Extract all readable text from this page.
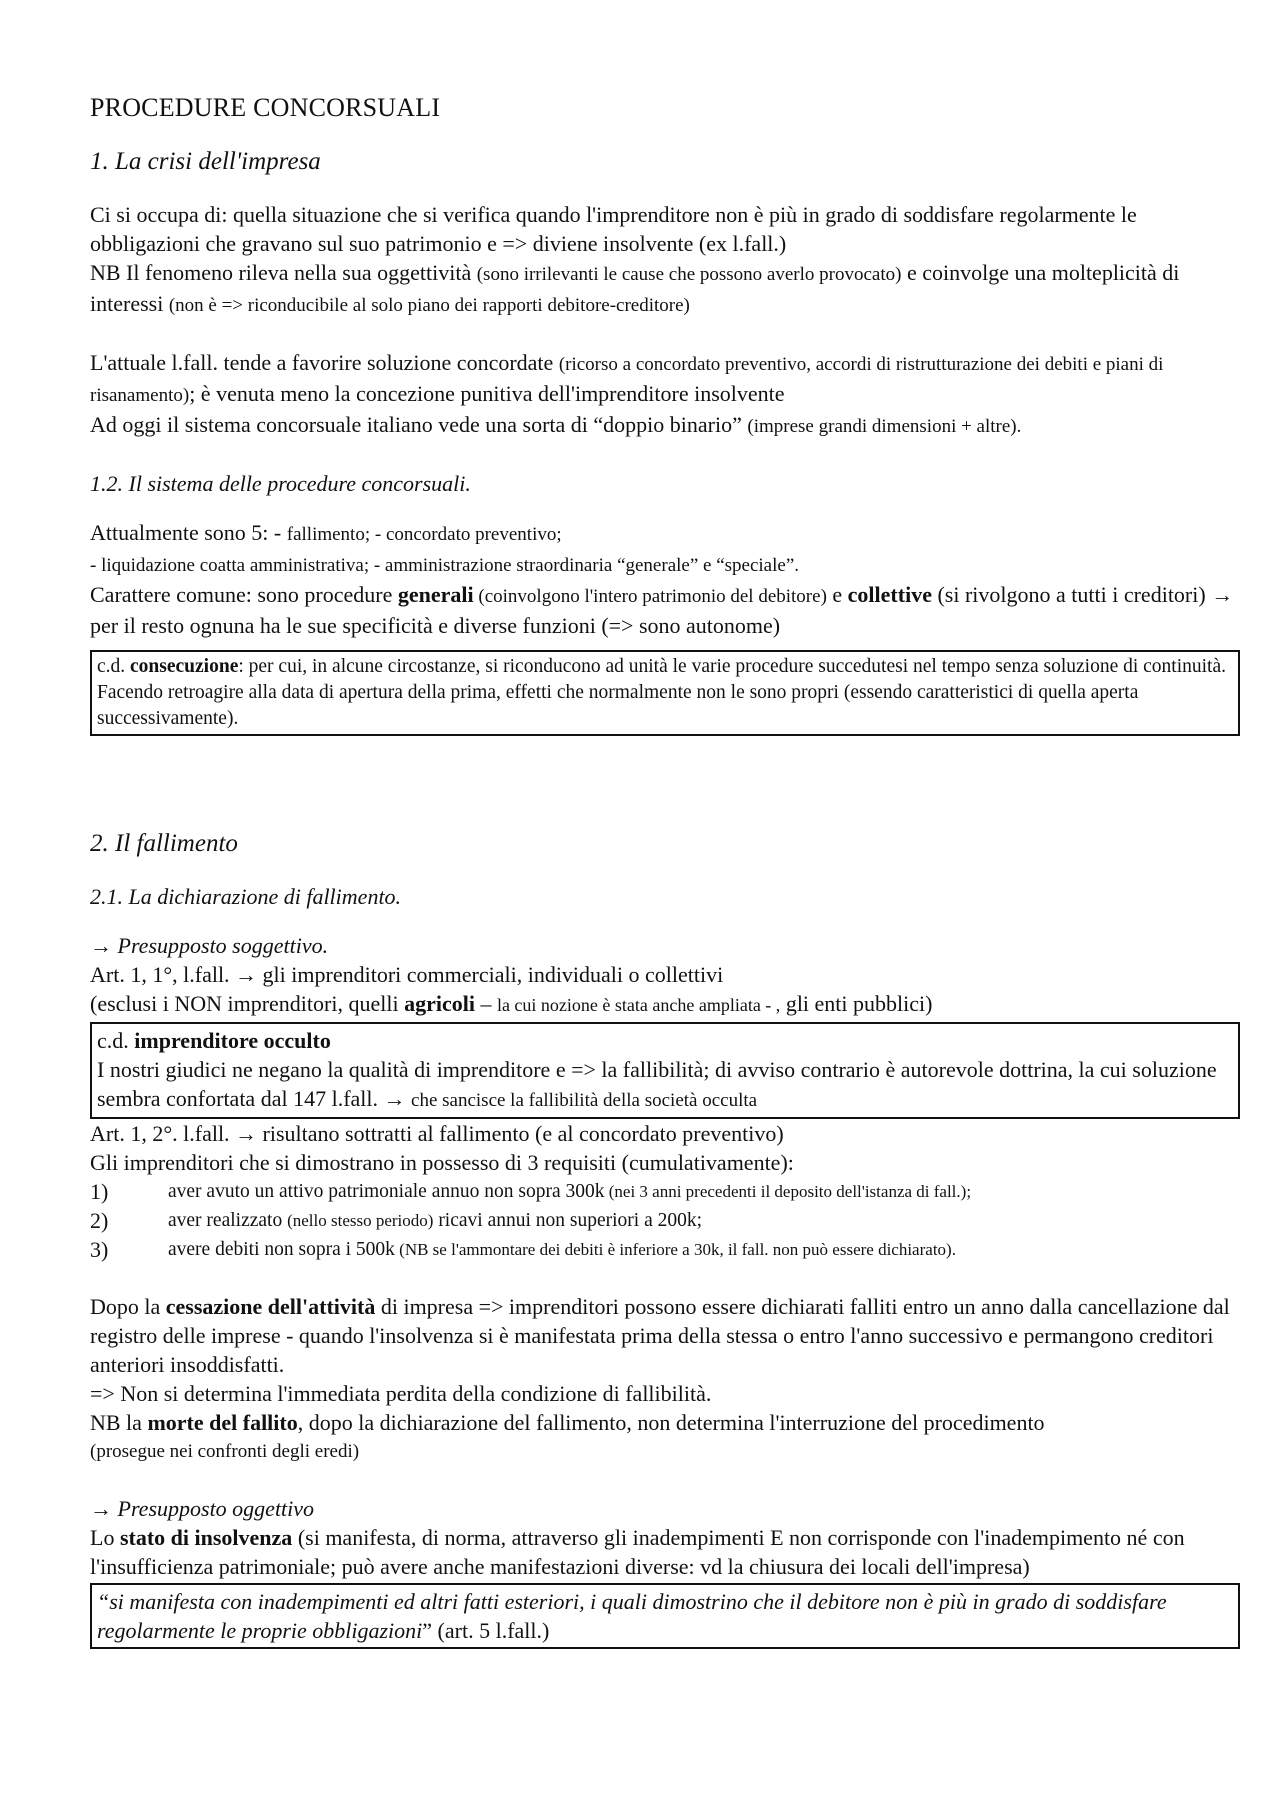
PROCEDURE CONCORSUALI
1. La crisi dell'impresa

Ci si occupa di: quella situazione che si verifica quando l'imprenditore non è più in grado di soddisfare regolarmente le obbligazioni che gravano sul suo patrimonio e => diviene insolvente (ex l.fall.)

NB Il fenomeno rileva nella sua oggettività (sono irrilevanti le cause che possono averlo provocato) e coinvolge una molteplicità di interessi (non è => riconducibile al solo piano dei rapporti debitore-creditore)

L'attuale l.fall. tende a favorire soluzione concordate (ricorso a concordato preventivo, accordi di ristrutturazione dei debiti e piani di risanamento); è venuta meno la concezione punitiva dell'imprenditore insolvente

Ad oggi il sistema concorsuale italiano vede una sorta di “doppio binario” (imprese grandi dimensioni + altre).

1.2. Il sistema delle procedure concorsuali.

Attualmente sono 5: - fallimento; - concordato preventivo;

- liquidazione coatta amministrativa; - amministrazione straordinaria “generale” e “speciale”.

Carattere comune: sono procedure generali (coinvolgono l'intero patrimonio del debitore) e collettive (si rivolgono a tutti i creditori) → per il resto ognuna ha le sue specificità e diverse funzioni (=> sono autonome)

c.d. consecuzione: per cui, in alcune circostanze, si riconducono ad unità le varie procedure succedutesi nel tempo senza soluzione di continuità. Facendo retroagire alla data di apertura della prima, effetti che normalmente non le sono propri (essendo caratteristici di quella aperta successivamente).
2. Il fallimento
2.1. La dichiarazione di fallimento.
→ Presupposto soggettivo.

Art. 1, 1°, l.fall. → gli imprenditori commerciali, individuali o collettivi

(esclusi i NON imprenditori, quelli agricoli – la cui nozione è stata anche ampliata - , gli enti pubblici)

c.d. imprenditore occulto
I nostri giudici ne negano la qualità di imprenditore e => la fallibilità; di avviso contrario è autorevole dottrina, la cui soluzione sembra confortata dal 147 l.fall. → che sancisce la fallibilità della società occulta

Art. 1, 2°. l.fall. → risultano sottratti al fallimento (e al concordato preventivo)

Gli imprenditori che si dimostrano in possesso di 3 requisiti (cumulativamente):

1)	aver avuto un attivo patrimoniale annuo non sopra 300k (nei 3 anni precedenti il deposito dell'istanza di fall.);
2)	aver realizzato (nello stesso periodo) ricavi annui non superiori a 200k;
3)	avere debiti non sopra i 500k (NB se l'ammontare dei debiti è inferiore a 30k, il fall. non può essere dichiarato).

Dopo la cessazione dell'attività di impresa => imprenditori possono essere dichiarati falliti entro un anno dalla cancellazione dal registro delle imprese - quando l'insolvenza si è manifestata prima della stessa o entro l'anno successivo e permangono creditori anteriori insoddisfatti.

=> Non si determina l'immediata perdita della condizione di fallibilità.

NB la morte del fallito, dopo la dichiarazione del fallimento, non determina l'interruzione del procedimento

(prosegue nei confronti degli eredi)

→ Presupposto oggettivo

Lo stato di insolvenza (si manifesta, di norma, attraverso gli inadempimenti E non corrisponde con l'inadempimento né con l'insufficienza patrimoniale; può avere anche manifestazioni diverse: vd la chiusura dei locali dell'impresa)

“si manifesta con inadempimenti ed altri fatti esteriori, i quali dimostrino che il debitore non è più in grado di soddisfare regolarmente le proprie obbligazioni” (art. 5 l.fall.)
